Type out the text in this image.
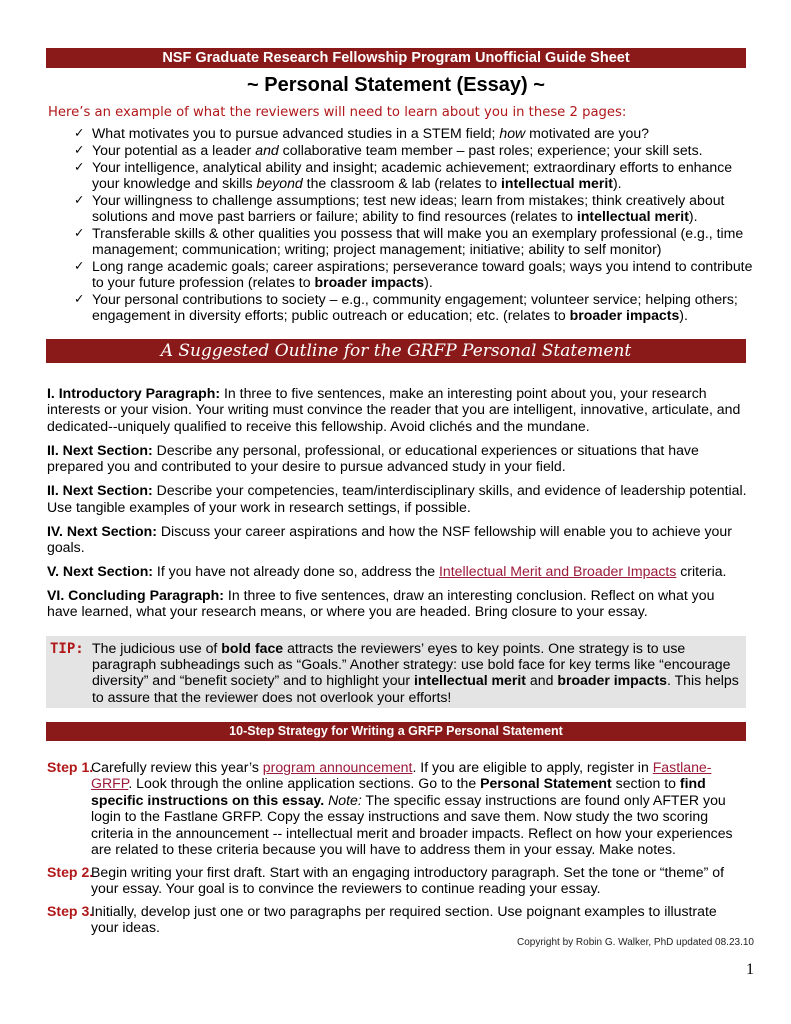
NSF Graduate Research Fellowship Program Unofficial Guide Sheet
~ Personal Statement (Essay) ~
Here’s an example of what the reviewers will need to learn about you in these 2 pages:
✓ What motivates you to pursue advanced studies in a STEM field; how motivated are you?
✓ Your potential as a leader and collaborative team member – past roles; experience; your skill sets.
✓ Your intelligence, analytical ability and insight; academic achievement; extraordinary efforts to enhance your knowledge and skills beyond the classroom & lab (relates to intellectual merit).
✓ Your willingness to challenge assumptions; test new ideas; learn from mistakes; think creatively about solutions and move past barriers or failure; ability to find resources (relates to intellectual merit).
✓ Transferable skills & other qualities you possess that will make you an exemplary professional (e.g., time management; communication; writing; project management; initiative; ability to self monitor)
✓ Long range academic goals; career aspirations; perseverance toward goals; ways you intend to contribute to your future profession (relates to broader impacts).
✓ Your personal contributions to society – e.g., community engagement; volunteer service; helping others; engagement in diversity efforts; public outreach or education; etc. (relates to broader impacts).
A Suggested Outline for the GRFP Personal Statement

I. Introductory Paragraph: In three to five sentences, make an interesting point about you, your research interests or your vision. Your writing must convince the reader that you are intelligent, innovative, articulate, and dedicated--uniquely qualified to receive this fellowship. Avoid clichés and the mundane.

II. Next Section: Describe any personal, professional, or educational experiences or situations that have prepared you and contributed to your desire to pursue advanced study in your field.

II. Next Section: Describe your competencies, team/interdisciplinary skills, and evidence of leadership potential. Use tangible examples of your work in research settings, if possible.

IV. Next Section: Discuss your career aspirations and how the NSF fellowship will enable you to achieve your goals.

V. Next Section: If you have not already done so, address the Intellectual Merit and Broader Impacts criteria.

VI. Concluding Paragraph: In three to five sentences, draw an interesting conclusion. Reflect on what you have learned, what your research means, or where you are headed. Bring closure to your essay.

TIP: The judicious use of bold face attracts the reviewers’ eyes to key points. One strategy is to use paragraph subheadings such as “Goals.” Another strategy: use bold face for key terms like “encourage diversity” and “benefit society” and to highlight your intellectual merit and broader impacts. This helps to assure that the reviewer does not overlook your efforts!
10-Step Strategy for Writing a GRFP Personal Statement
Step 1.
Carefully review this year’s program announcement. If you are eligible to apply, register in Fastlane-GRFP. Look through the online application sections. Go to the Personal Statement section to find specific instructions on this essay. Note: The specific essay instructions are found only AFTER you login to the Fastlane GRFP. Copy the essay instructions and save them. Now study the two scoring criteria in the announcement -- intellectual merit and broader impacts. Reflect on how your experiences are related to these criteria because you will have to address them in your essay. Make notes.
Step 2.
Begin writing your first draft. Start with an engaging introductory paragraph. Set the tone or “theme” of your essay. Your goal is to convince the reviewers to continue reading your essay.
Step 3.
Initially, develop just one or two paragraphs per required section. Use poignant examples to illustrate your ideas.
Copyright by Robin G. Walker, PhD updated 08.23.10
1
